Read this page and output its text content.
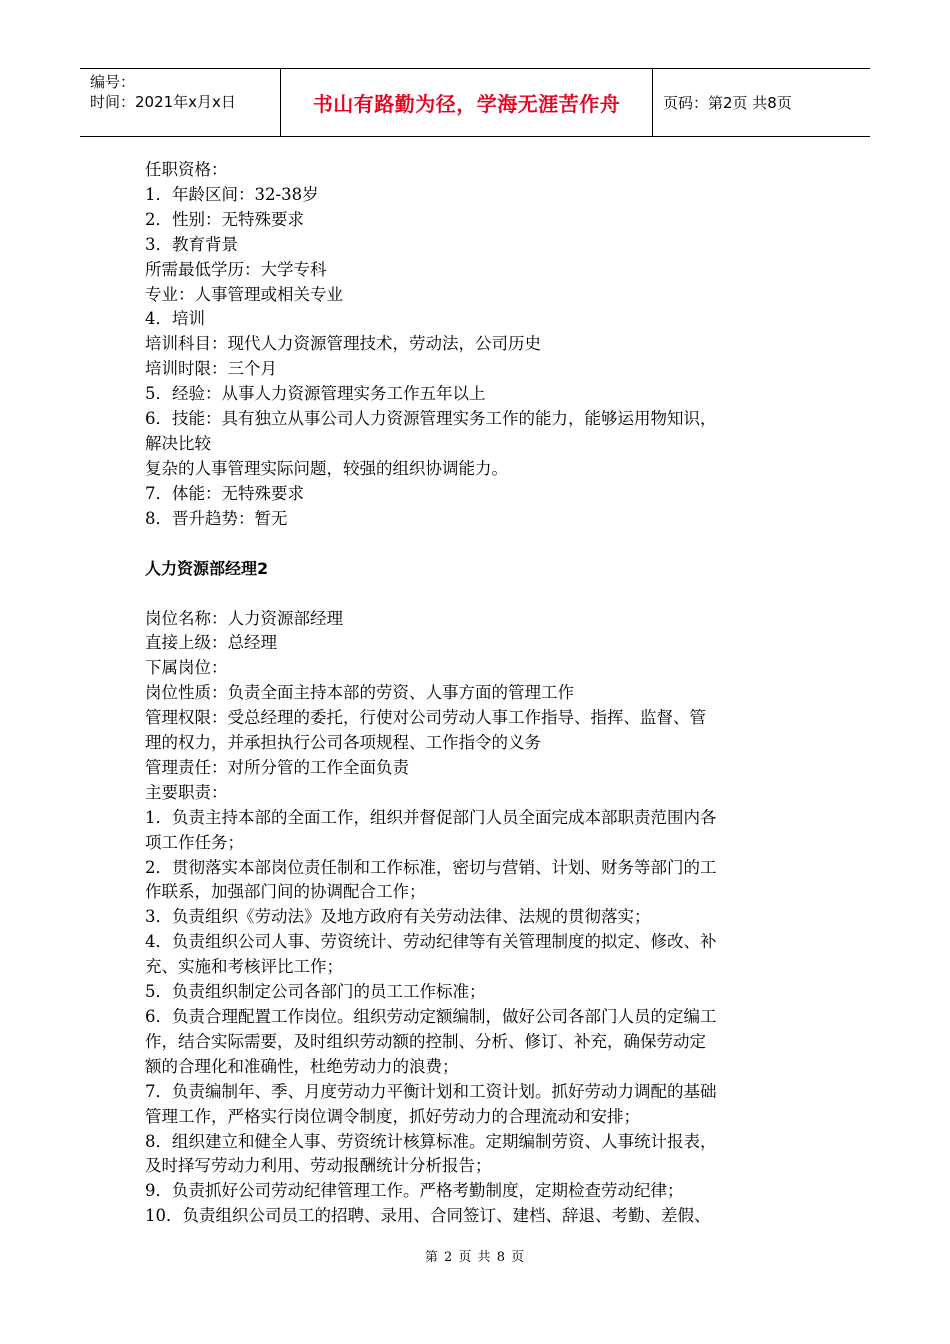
编号：
时间：2021年x月x日	书山有路勤为径，学海无涯苦作舟	页码：第2页 共8页
任职资格：
1．年龄区间：32-38岁
2．性别：无特殊要求
3．教育背景
所需最低学历：大学专科
专业：人事管理或相关专业
4．培训
培训科目：现代人力资源管理技术，劳动法，公司历史
培训时限：三个月
5．经验：从事人力资源管理实务工作五年以上
6．技能：具有独立从事公司人力资源管理实务工作的能力，能够运用物知识，
解决比较
复杂的人事管理实际问题，较强的组织协调能力。
7．体能：无特殊要求
8．晋升趋势：暂无
人力资源部经理2
岗位名称：人力资源部经理
直接上级：总经理
下属岗位：
岗位性质：负责全面主持本部的劳资、人事方面的管理工作
管理权限：受总经理的委托，行使对公司劳动人事工作指导、指挥、监督、管
理的权力，并承担执行公司各项规程、工作指令的义务
管理责任：对所分管的工作全面负责
主要职责：
1．负责主持本部的全面工作，组织并督促部门人员全面完成本部职责范围内各
项工作任务；
2．贯彻落实本部岗位责任制和工作标准，密切与营销、计划、财务等部门的工
作联系，加强部门间的协调配合工作；
3．负责组织《劳动法》及地方政府有关劳动法律、法规的贯彻落实；
4．负责组织公司人事、劳资统计、劳动纪律等有关管理制度的拟定、修改、补
充、实施和考核评比工作；
5．负责组织制定公司各部门的员工工作标准；
6．负责合理配置工作岗位。组织劳动定额编制，做好公司各部门人员的定编工
作，结合实际需要，及时组织劳动额的控制、分析、修订、补充，确保劳动定
额的合理化和准确性，杜绝劳动力的浪费；
7．负责编制年、季、月度劳动力平衡计划和工资计划。抓好劳动力调配的基础
管理工作，严格实行岗位调令制度，抓好劳动力的合理流动和安排；
8．组织建立和健全人事、劳资统计核算标准。定期编制劳资、人事统计报表，
及时择写劳动力利用、劳动报酬统计分析报告；
9．负责抓好公司劳动纪律管理工作。严格考勤制度，定期检查劳动纪律；
10．负责组织公司员工的招聘、录用、合同签订、建档、辞退、考勤、差假、
第 2 页 共 8 页
